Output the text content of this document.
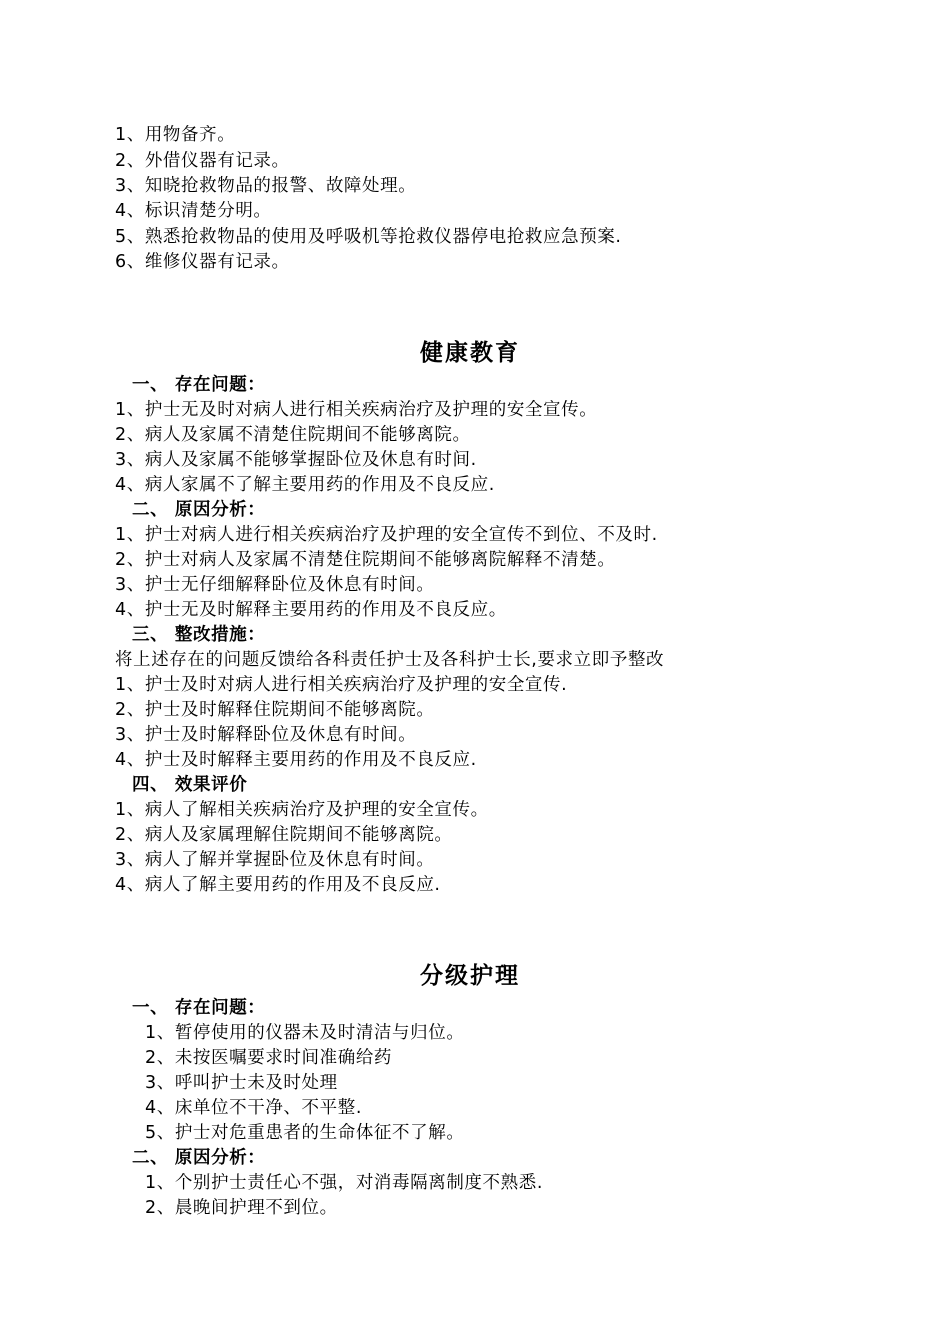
1、用物备齐。
2、外借仪器有记录。
3、知晓抢救物品的报警、故障处理。
4、标识清楚分明。
5、熟悉抢救物品的使用及呼吸机等抢救仪器停电抢救应急预案.
6、维修仪器有记录。
健康教育
一、 存在问题：
1、护士无及时对病人进行相关疾病治疗及护理的安全宣传。
2、病人及家属不清楚住院期间不能够离院。
3、病人及家属不能够掌握卧位及休息有时间.
4、病人家属不了解主要用药的作用及不良反应.
二、 原因分析：
1、护士对病人进行相关疾病治疗及护理的安全宣传不到位、不及时.
2、护士对病人及家属不清楚住院期间不能够离院解释不清楚。
3、护士无仔细解释卧位及休息有时间。
4、护士无及时解释主要用药的作用及不良反应。
三、 整改措施：
将上述存在的问题反馈给各科责任护士及各科护士长,要求立即予整改
1、护士及时对病人进行相关疾病治疗及护理的安全宣传.
2、护士及时解释住院期间不能够离院。
3、护士及时解释卧位及休息有时间。
4、护士及时解释主要用药的作用及不良反应.
四、 效果评价
1、病人了解相关疾病治疗及护理的安全宣传。
2、病人及家属理解住院期间不能够离院。
3、病人了解并掌握卧位及休息有时间。
4、病人了解主要用药的作用及不良反应.
分级护理
一、 存在问题：
1、暂停使用的仪器未及时清洁与归位。
2、未按医嘱要求时间准确给药
3、呼叫护士未及时处理
4、床单位不干净、不平整.
5、护士对危重患者的生命体征不了解。
二、 原因分析：
1、个别护士责任心不强，对消毒隔离制度不熟悉.
2、晨晚间护理不到位。
